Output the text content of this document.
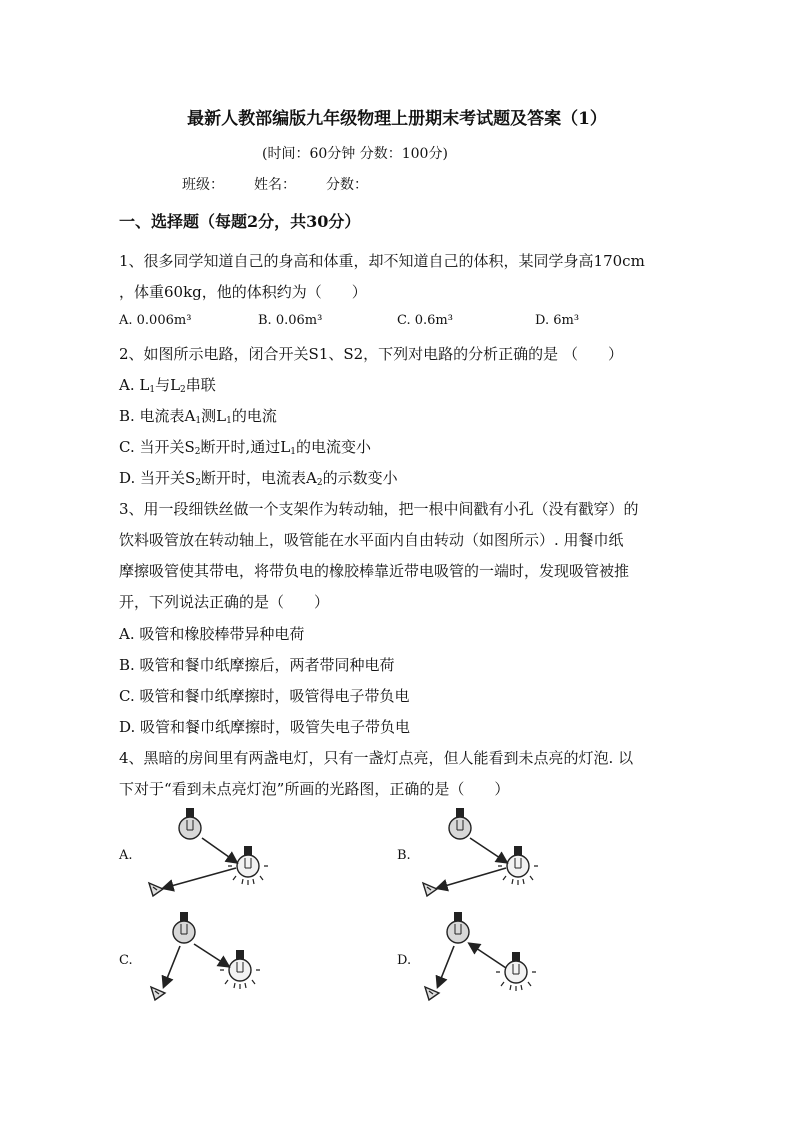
最新人教部编版九年级物理上册期末考试题及答案（1）
(时间：60分钟 分数：100分)
班级： 姓名： 分数：
一、选择题（每题2分，共30分）
1、很多同学知道自己的身高和体重，却不知道自己的体积，某同学身高170cm
，体重60kg，他的体积约为（　　）
A. 0.006m³	B. 0.06m³	C. 0.6m³	D. 6m³
2、如图所示电路，闭合开关S1、S2，下列对电路的分析正确的是 （　　）
A. $L_1$与$L_2$串联
B. 电流表$A_1$测$L_1$的电流
C. 当开关$S_2$断开时,通过$L_1$的电流变小
D. 当开关$S_2$断开时，电流表$A_2$的示数变小
3、用一段细铁丝做一个支架作为转动轴，把一根中间戳有小孔（没有戳穿）的
饮料吸管放在转动轴上，吸管能在水平面内自由转动（如图所示）. 用餐巾纸
摩擦吸管使其带电，将带负电的橡胶棒靠近带电吸管的一端时，发现吸管被推
开，下列说法正确的是（　　）
A. 吸管和橡胶棒带异种电荷
B. 吸管和餐巾纸摩擦后，两者带同种电荷
C. 吸管和餐巾纸摩擦时，吸管得电子带负电
D. 吸管和餐巾纸摩擦时，吸管失电子带负电
4、黑暗的房间里有两盏电灯，只有一盏灯点亮，但人能看到未点亮的灯泡. 以
下对于“看到未点亮灯泡”所画的光路图，正确的是（　　）
A.	B.
C.	D.
